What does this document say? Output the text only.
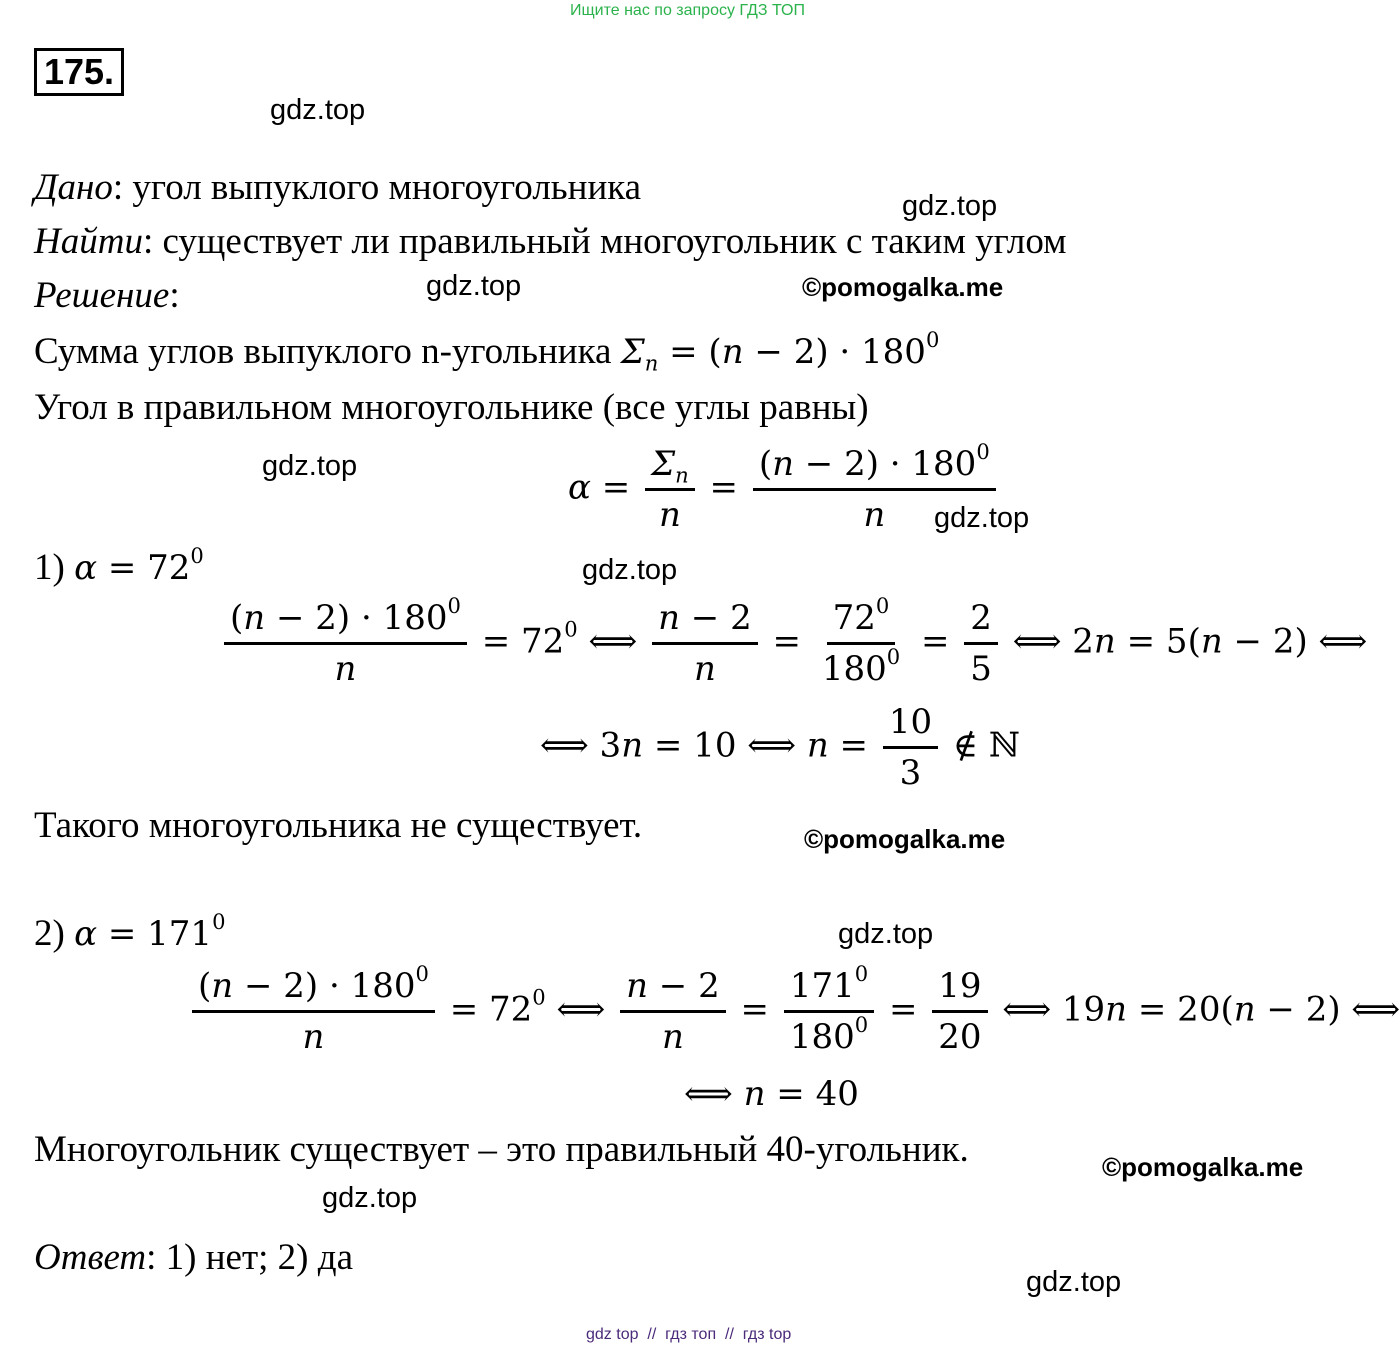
Ищите нас по запросу ГДЗ ТОП
175.
gdz.top
gdz.top
gdz.top
gdz.top
gdz.top
gdz.top
gdz.top
gdz.top
gdz.top
©pomogalka.me
©pomogalka.me
©pomogalka.me
Дано: угол выпуклого многоугольника
Найти: существует ли правильный многоугольник с таким углом
Решение:
Сумма углов выпуклого n-угольника $\Sigma_n = (n - 2) \cdot 180^0$
Угол в правильном многоугольнике (все углы равны)
$\alpha = \frac{\Sigma_n}{n} = \frac{(n - 2) \cdot 180^0}{n}$
1) $\alpha = 72^0$
$\frac{(n - 2) \cdot 180^0}{n} = 72^0$ ⟺ $\frac{n - 2}{n} = \frac{72^0}{180^0} = \frac{2}{5}$ ⟺ 2n = 5(n − 2) ⟺
⟺ 3n = 10 ⟺ $n = \frac{10}{3}$ ∉ ℕ
Такого многоугольника не существует.
2) $\alpha = 171^0$
$\frac{(n - 2) \cdot 180^0}{n} = 72^0$ ⟺ $\frac{n - 2}{n} = \frac{171^0}{180^0} = \frac{19}{20}$ ⟺ 19n = 20(n − 2) ⟺
⟺ n = 40
Многоугольник существует – это правильный 40-угольник.
Ответ: 1) нет; 2) да
gdz top  //  гдз топ  //  гдз top
